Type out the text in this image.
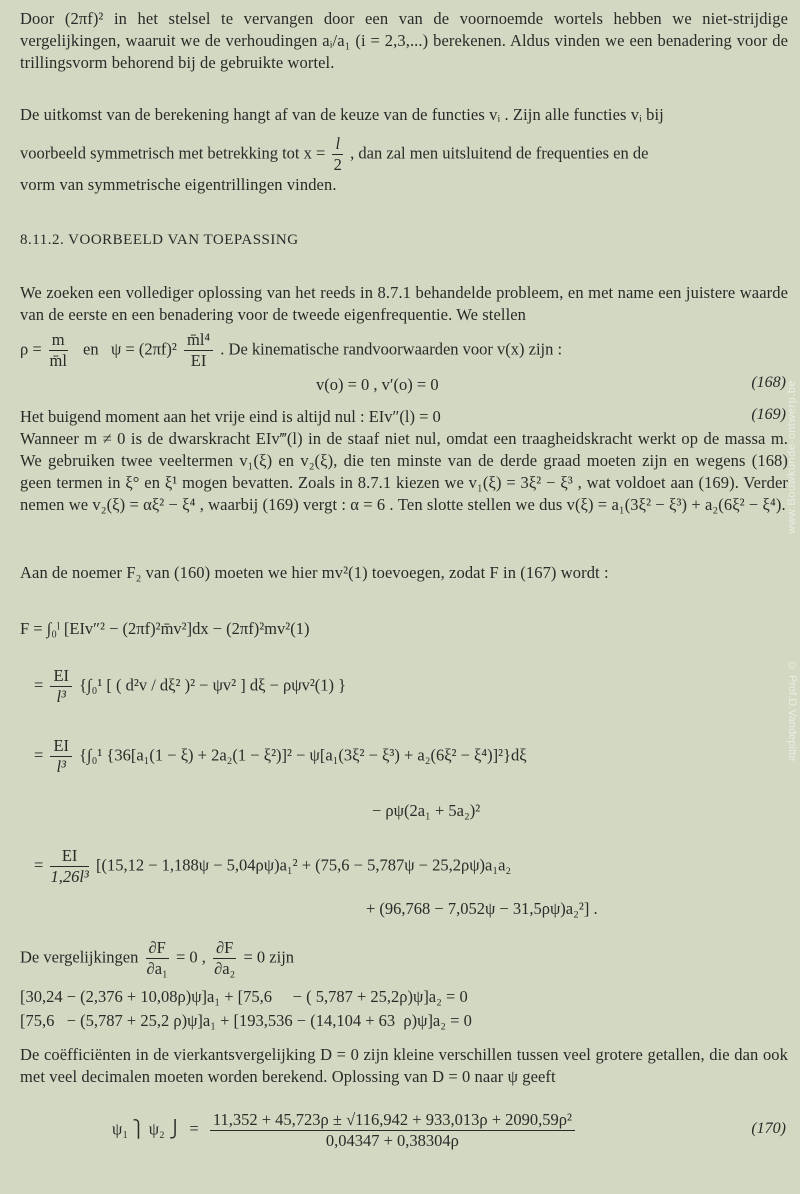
Door (2πf)² in het stelsel te vervangen door een van de voornoemde wortels hebben we niet-strijdige vergelijkingen, waaruit we de verhoudingen aᵢ/a₁ (i = 2,3,...) berekenen. Aldus vinden we een benadering voor de trillingsvorm behorend bij de gebruikte wortel.
De uitkomst van de berekening hangt af van de keuze van de functies vᵢ . Zijn alle functies vᵢ bij
voorbeeld symmetrisch met betrekking tot $x = \frac{l}{2}$ , dan zal men uitsluitend de frequenties en de
vorm van symmetrische eigentrillingen vinden.
8.11.2. VOORBEELD VAN TOEPASSING
We zoeken een vollediger oplossing van het reeds in 8.7.1 behandelde probleem, en met name een juistere waarde van de eerste en een benadering voor de tweede eigenfrequentie. We stellen
$\rho = \frac{m}{m̄l}$ en $\psi = (2\pi f)^2 \frac{\text{m̄l⁴}}{EI}$ . De kinematische randvoorwaarden voor v(x) zijn :
v(o) = 0 , v′(o) = 0	(168)
Het buigend moment aan het vrije eind is altijd nul : EIv″(l) = 0	(169)
Wanneer m ≠ 0 is de dwarskracht EIv‴(l) in de staaf niet nul, omdat een traagheidskracht werkt op de massa m. We gebruiken twee veeltermen v₁(ξ) en v₂(ξ), die ten minste van de derde graad moeten zijn en wegens (168) geen termen in ξ° en ξ¹ mogen bevatten. Zoals in 8.7.1 kiezen we v₁(ξ) = 3ξ² − ξ³ , wat voldoet aan (169). Verder nemen we v₂(ξ) = αξ² − ξ⁴ , waarbij (169) vergt : α = 6 . Ten slotte stellen we dus v(ξ) = a₁(3ξ² − ξ³) + a₂(6ξ² − ξ⁴).
Aan de noemer F₂ van (160) moeten we hier mv²(1) toevoegen, zodat F in (167) wordt :
F = ∫₀ˡ [EIv″² − (2πf)²m̄v²]dx − (2πf)²mv²(1)
= $\frac{EI}{\text{l³}} \{\int_0^1$ [ ( d²v / dξ² )² − ψv² ] dξ − ρψv²(1) }
= $\frac{EI}{\text{l³}} \{\int_0^1$ {36[a₁(1 − ξ) + 2a₂(1 − ξ²)]² − ψ[a₁(3ξ² − ξ³) + a₂(6ξ² − ξ⁴)]²}dξ
− ρψ(2a₁ + 5a₂)²
= $\frac{EI}{\text{1,26l³}} [(15,12 - 1,188\psi - 5,04\rho\psi)a_1^2 + (75,6 - 5,787\psi - 25,2\rho\psi)a_1a_2$
+ (96,768 − 7,052ψ − 31,5ρψ)a₂²] .
De vergelijkingen $\frac{\partial F}{\text{∂a₁}} = 0$ , $\frac{\partial F}{\text{∂a₂}} = 0$ zijn
[30,24 − (2,376 + 10,08ρ)ψ]a₁ + [75,6     − ( 5,787 + 25,2ρ)ψ]a₂ = 0
[75,6   − (5,787 + 25,2 ρ)ψ]a₁ + [193,536 − (14,104 + 63  ρ)ψ]a₂ = 0
De coëfficiënten in de vierkantsvergelijking D = 0 zijn kleine verschillen tussen veel grotere getallen, die dan ook met veel decimalen moeten worden berekend. Oplossing van D = 0 naar ψ geeft
ψ₁ ⎫ ψ₂ ⎭ = $\frac{\text{11,352 + 45,723ρ ± √116,942 + 933,013ρ + 2090,59ρ²}}{0,04347 + 0,38304\rho}$	(170)
www.Bouwkunde-ontwerp.be
© Prof.D.Vandepitte
